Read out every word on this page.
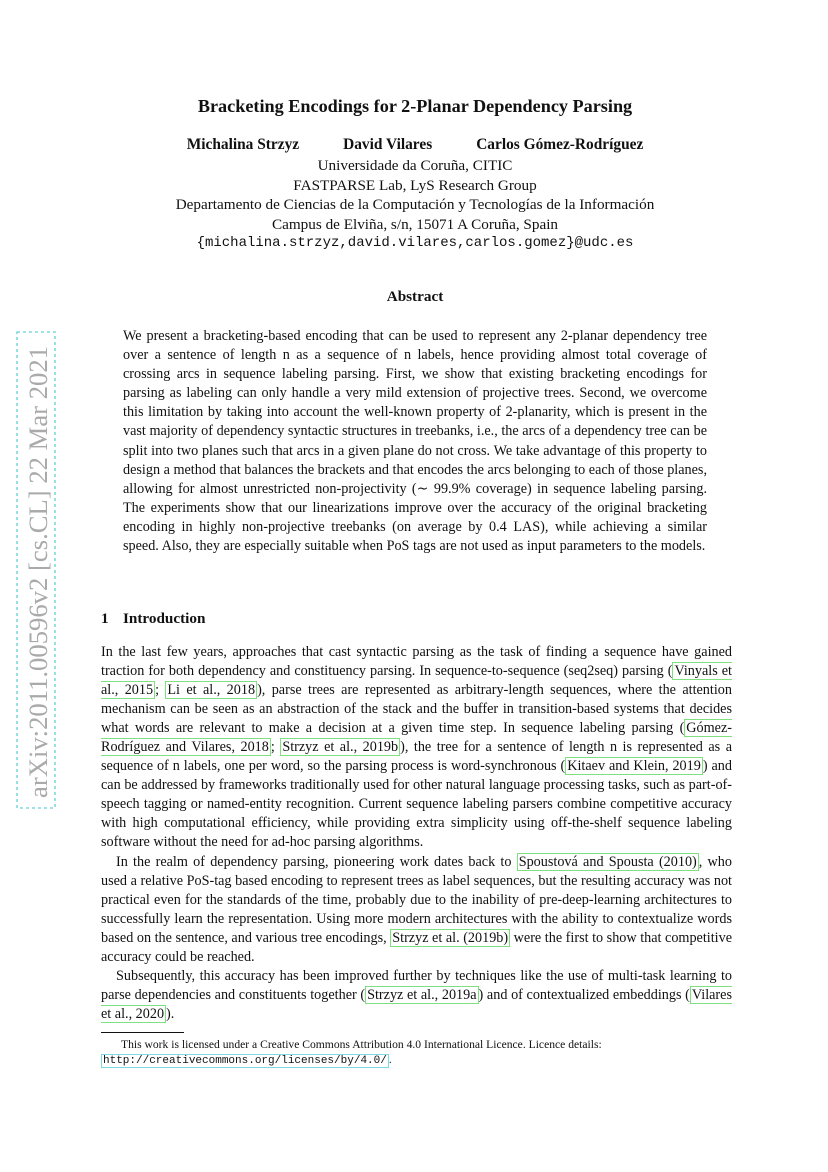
arXiv:2011.00596v2 [cs.CL] 22 Mar 2021
Bracketing Encodings for 2-Planar Dependency Parsing
Michalina Strzyz	David Vilares	Carlos Gómez-Rodríguez
Universidade da Coruña, CITIC
FASTPARSE Lab, LyS Research Group
Departamento de Ciencias de la Computación y Tecnologías de la Información
Campus de Elviña, s/n, 15071 A Coruña, Spain
{michalina.strzyz,david.vilares,carlos.gomez}@udc.es
Abstract
We present a bracketing-based encoding that can be used to represent any 2-planar dependency tree over a sentence of length n as a sequence of n labels, hence providing almost total coverage of crossing arcs in sequence labeling parsing. First, we show that existing bracketing encodings for parsing as labeling can only handle a very mild extension of projective trees. Second, we overcome this limitation by taking into account the well-known property of 2-planarity, which is present in the vast majority of dependency syntactic structures in treebanks, i.e., the arcs of a dependency tree can be split into two planes such that arcs in a given plane do not cross. We take advantage of this property to design a method that balances the brackets and that encodes the arcs belonging to each of those planes, allowing for almost unrestricted non-projectivity (∼ 99.9% coverage) in sequence labeling parsing. The experiments show that our linearizations improve over the accuracy of the original bracketing encoding in highly non-projective treebanks (on average by 0.4 LAS), while achieving a similar speed. Also, they are especially suitable when PoS tags are not used as input parameters to the models.
1 Introduction

In the last few years, approaches that cast syntactic parsing as the task of finding a sequence have gained traction for both dependency and constituency parsing. In sequence-to-sequence (seq2seq) parsing ( Vinyals et al., 2015 ; Li et al., 2018 ), parse trees are represented as arbitrary-length sequences, where the attention mechanism can be seen as an abstraction of the stack and the buffer in transition-based systems that decides what words are relevant to make a decision at a given time step. In sequence labeling parsing ( Gómez-Rodríguez and Vilares, 2018 ; Strzyz et al., 2019b ), the tree for a sentence of length n is represented as a sequence of n labels, one per word, so the parsing process is word-synchronous ( Kitaev and Klein, 2019 ) and can be addressed by frameworks traditionally used for other natural language processing tasks, such as part-of-speech tagging or named-entity recognition. Current sequence labeling parsers combine competitive accuracy with high computational efficiency, while providing extra simplicity using off-the-shelf sequence labeling software without the need for ad-hoc parsing algorithms.

In the realm of dependency parsing, pioneering work dates back to Spoustová and Spousta (2010) , who used a relative PoS-tag based encoding to represent trees as label sequences, but the resulting accuracy was not practical even for the standards of the time, probably due to the inability of pre-deep-learning architectures to successfully learn the representation. Using more modern architectures with the ability to contextualize words based on the sentence, and various tree encodings, Strzyz et al. (2019b) were the first to show that competitive accuracy could be reached.

Subsequently, this accuracy has been improved further by techniques like the use of multi-task learning to parse dependencies and constituents together ( Strzyz et al., 2019a ) and of contextualized embeddings ( Vilares et al., 2020 ).

This work is licensed under a Creative Commons Attribution 4.0 International Licence. Licence details:
http://creativecommons.org/licenses/by/4.0/ .
